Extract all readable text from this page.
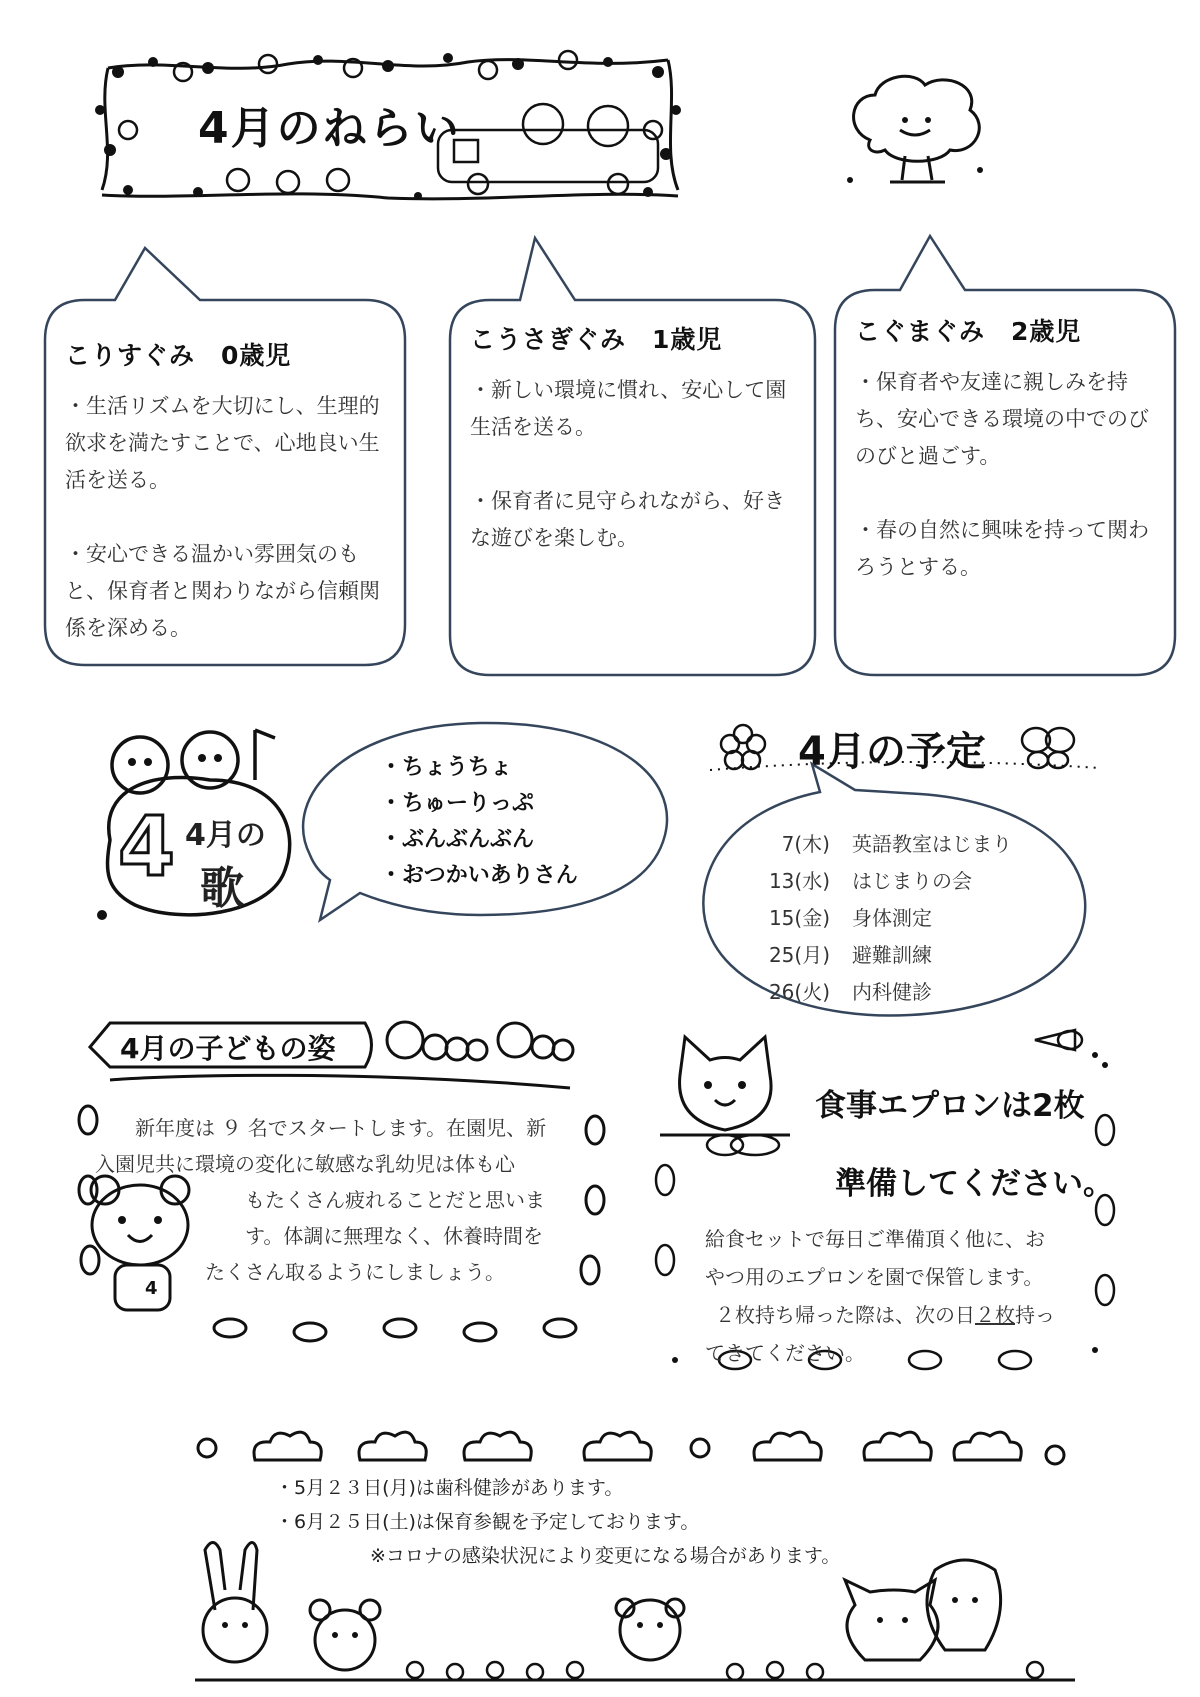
4月のねらい
こりすぐみ　0歳児
・生活リズムを大切にし、生理的欲求を満たすことで、心地良い生活を送る。
・安心できる温かい雰囲気のもと、保育者と関わりながら信頼関係を深める。
こうさぎぐみ　1歳児
・新しい環境に慣れ、安心して園生活を送る。
・保育者に見守られながら、好きな遊びを楽しむ。
こぐまぐみ　2歳児
・保育者や友達に親しみを持ち、安心できる環境の中でのびのびと過ごす。
・春の自然に興味を持って関わろうとする。
4月の
4 歌
・ちょうちょ
・ちゅーりっぷ
・ぶんぶんぶん
・おつかいありさん
4月の予定
7(木) 英語教室はじまり
13(水) はじまりの会
15(金) 身体測定
25(月) 避難訓練
26(火) 内科健診
4月の子どもの姿
4
新年度は ９ 名でスタートします。在園児、新
入園児共に環境の変化に敏感な乳幼児は体も心
もたくさん疲れることだと思いま
す。体調に無理なく、休養時間を
たくさん取るようにしましょう。
食事エプロンは2枚
準備してください。
給食セットで毎日ご準備頂く他に、お
やつ用のエプロンを園で保管します。
２枚持ち帰った際は、次の日２枚持っ
てきてください。
・5月２３日(月)は歯科健診があります。
・6月２５日(土)は保育参観を予定しております。
※コロナの感染状況により変更になる場合があります。
